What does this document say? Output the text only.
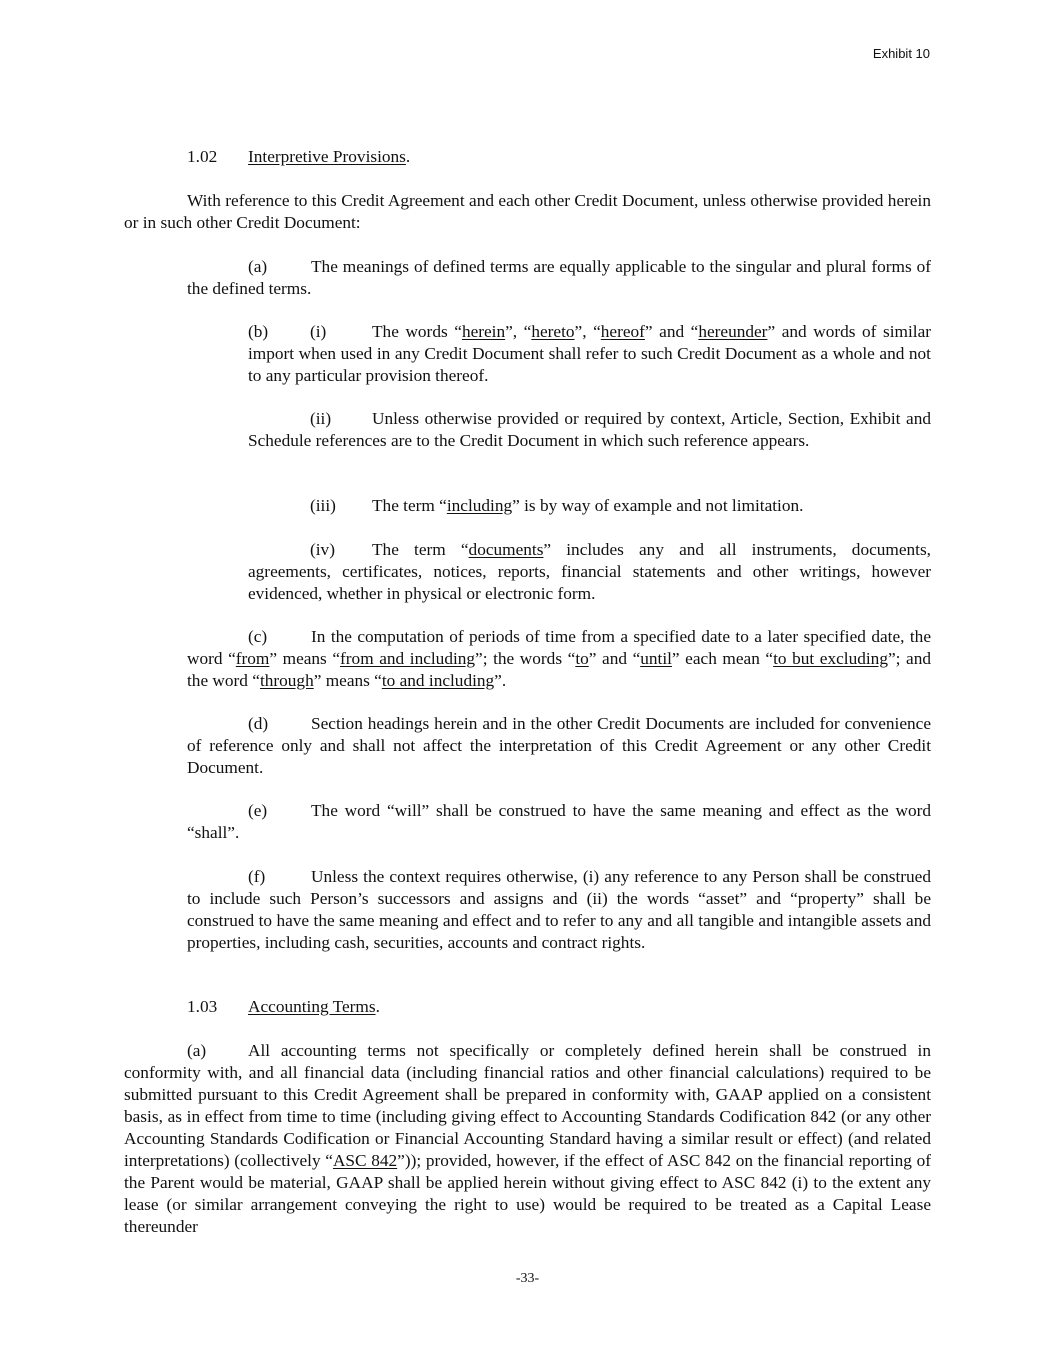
Exhibit 10
1.02 Interpretive Provisions.
With reference to this Credit Agreement and each other Credit Document, unless otherwise provided herein or in such other Credit Document:
(a)	The meanings of defined terms are equally applicable to the singular and plural forms of the defined terms.
(b) (i)	The words “herein”, “hereto”, “hereof” and “hereunder” and words of similar import when used in any Credit Document shall refer to such Credit Document as a whole and not to any particular provision thereof.
(ii) Unless otherwise provided or required by context, Article, Section, Exhibit and Schedule references are to the Credit Document in which such reference appears.
(iii) The term “including” is by way of example and not limitation.
(iv) The term “documents” includes any and all instruments, documents, agreements, certificates, notices, reports, financial statements and other writings, however evidenced, whether in physical or electronic form.
(c)	In the computation of periods of time from a specified date to a later specified date, the word “from” means “from and including”; the words “to” and “until” each mean “to but excluding”; and the word “through” means “to and including”.
(d) Section headings herein and in the other Credit Documents are included for convenience of reference only and shall not affect the interpretation of this Credit Agreement or any other Credit Document.
(e)	The word “will” shall be construed to have the same meaning and effect as the word “shall”.
(f)	Unless the context requires otherwise, (i) any reference to any Person shall be construed to include such Person’s successors and assigns and (ii) the words “asset” and “property” shall be construed to have the same meaning and effect and to refer to any and all tangible and intangible assets and properties, including cash, securities, accounts and contract rights.
1.03 Accounting Terms.
(a) All accounting terms not specifically or completely defined herein shall be construed in conformity with, and all financial data (including financial ratios and other financial calculations) required to be submitted pursuant to this Credit Agreement shall be prepared in conformity with, GAAP applied on a consistent basis, as in effect from time to time (including giving effect to Accounting Standards Codification 842 (or any other Accounting Standards Codification or Financial Accounting Standard having a similar result or effect) (and related interpretations) (collectively “ASC 842”)); provided, however, if the effect of ASC 842 on the financial reporting of the Parent would be material, GAAP shall be applied herein without giving effect to ASC 842 (i) to the extent any lease (or similar arrangement conveying the right to use) would be required to be treated as a Capital Lease thereunder
-33-
